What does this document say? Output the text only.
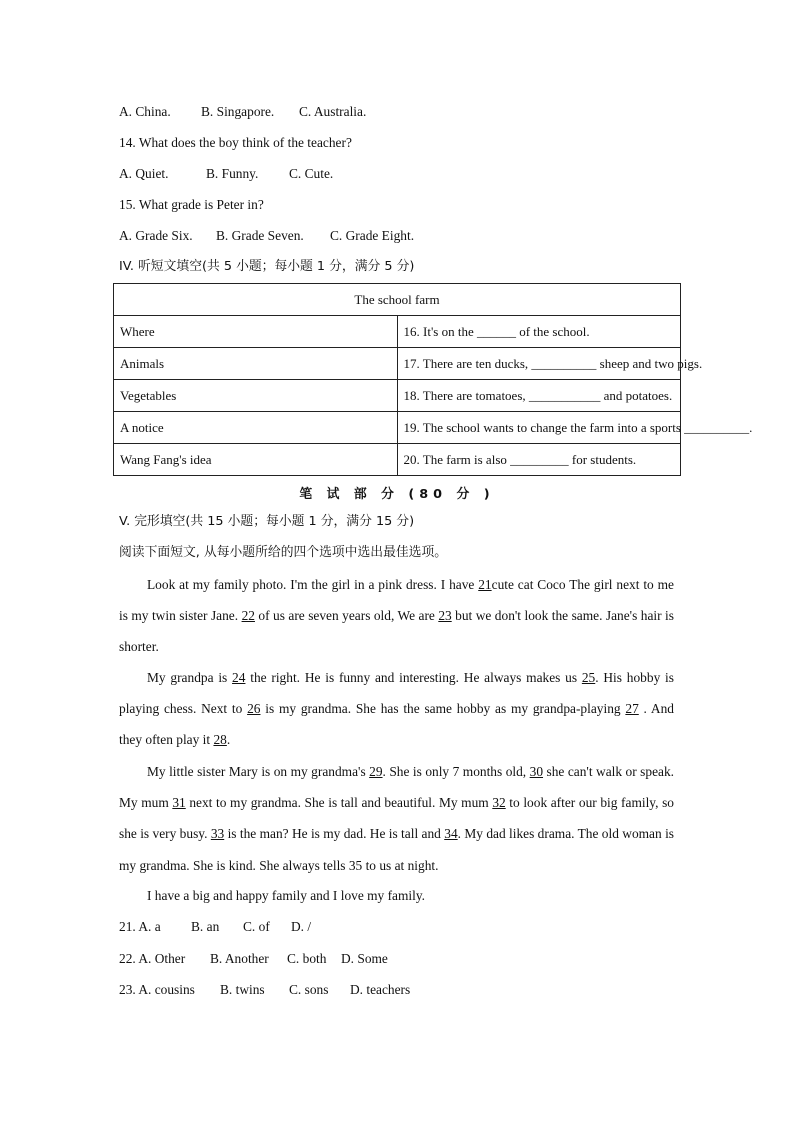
A. China. B. Singapore. C. Australia.
14. What does the boy think of the teacher?
A. Quiet.	B. Funny. C. Cute.
15. What grade is Peter in?
A. Grade Six. B. Grade Seven. C. Grade Eight.
IV. 听短文填空(共 5 小题；每小题 1 分，满分 5 分)
The school farm	
Where	16. It's on the ______ of the school.
Animals	17. There are ten ducks, __________ sheep and two pigs.
Vegetables	18. There are tomatoes, ___________ and potatoes.
A notice	19. The school wants to change the farm into a sports __________.
Wang Fang's idea	20. The farm is also _________ for students.
笔 试 部 分 (80 分 )
V. 完形填空(共 15 小题；每小题 1 分，满分 15 分)
阅读下面短文, 从每小题所给的四个选项中选出最佳选项。
Look at my family photo. I'm the girl in a pink dress. I have 21cute cat Coco The girl next to me is my twin sister Jane. 22 of us are seven years old, We are 23 but we don't look the same. Jane's hair is shorter.
My grandpa is 24 the right. He is funny and interesting. He always makes us 25. His hobby is playing chess. Next to 26 is my grandma. She has the same hobby as my grandpa-playing 27 . And they often play it 28.
My little sister Mary is on my grandma's 29. She is only 7 months old, 30 she can't walk or speak. My mum 31 next to my grandma. She is tall and beautiful. My mum 32 to look after our big family, so she is very busy. 33 is the man? He is my dad. He is tall and 34. My dad likes drama. The old woman is my grandma. She is kind. She always tells 35 to us at night.
I have a big and happy family and I love my family.
21. A. a B. an C. of D. /
22. A. Other B. Another C. both D. Some
23. A. cousins B. twins C. sons D. teachers
